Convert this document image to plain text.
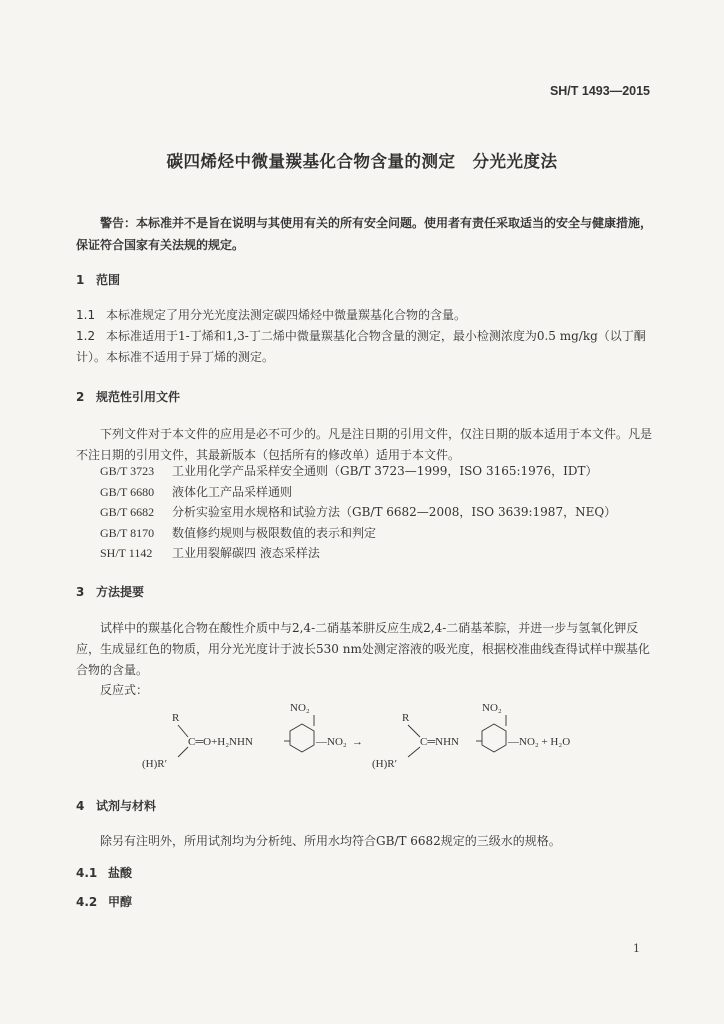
SH/T 1493—2015
碳四烯烃中微量羰基化合物含量的测定　分光光度法
警告：本标准并不是旨在说明与其使用有关的所有安全问题。使用者有责任采取适当的安全与健康措施，保证符合国家有关法规的规定。
1 范围
1.1 本标准规定了用分光光度法测定碳四烯烃中微量羰基化合物的含量。
1.2 本标准适用于1-丁烯和1,3-丁二烯中微量羰基化合物含量的测定，最小检测浓度为0.5 mg/kg（以丁酮计）。本标准不适用于异丁烯的测定。
2 规范性引用文件
下列文件对于本文件的应用是必不可少的。凡是注日期的引用文件，仅注日期的版本适用于本文件。凡是不注日期的引用文件，其最新版本（包括所有的修改单）适用于本文件。
GB/T 3723 工业用化学产品采样安全通则（GB/T 3723—1999，ISO 3165:1976，IDT）
GB/T 6680 液体化工产品采样通则
GB/T 6682 分析实验室用水规格和试验方法（GB/T 6682—2008，ISO 3639:1987，NEQ）
GB/T 8170 数值修约规则与极限数值的表示和判定
SH/T 1142 工业用裂解碳四 液态采样法
3 方法提要
试样中的羰基化合物在酸性介质中与2,4-二硝基苯肼反应生成2,4-二硝基苯腙，并进一步与氢氧化钾反应，生成显红色的物质，用分光光度计于波长530 nm处测定溶液的吸光度，根据校准曲线查得试样中羰基化合物的含量。
反应式：
R
C═O+H₂NHN
(H)R′
NO₂
—NO₂ →
R
C═NHN
(H)R′
NO₂
—NO₂ + H₂O
4 试剂与材料
除另有注明外，所用试剂均为分析纯、所用水均符合GB/T 6682规定的三级水的规格。
4.1 盐酸
4.2 甲醇
1
